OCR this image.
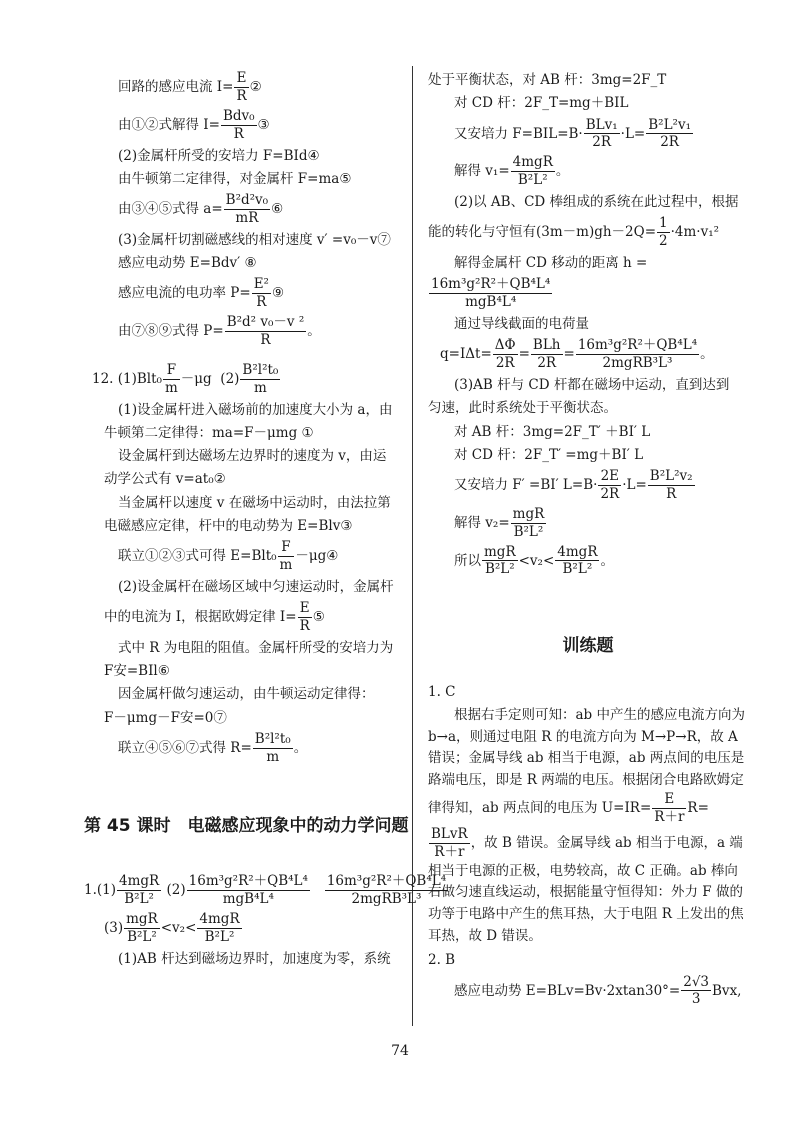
回路的感应电流 $I= \frac{E}{R}$ ②
由①②式解得 $I= \frac{\text{Bdv₀}}{R}$ ③
(2)金属杆所受的安培力 F=BId④
由牛顿第二定律得，对金属杆 F=ma⑤
由③④⑤式得 $a= \frac{\text{B²d²v₀}}{mR}$ ⑥
(3)金属杆切割磁感线的相对速度 v′ =v₀－v⑦
感应电动势 E=Bdv′ ⑧
感应电流的电功率 $P= \frac{\text{E²}}{R}$ ⑨
由⑦⑧⑨式得 $P= \frac{\text{B²d² v₀－v ²}}{R}$ 。
12. $(1)Blt_0 \frac{F}{m} -\mu g$ $(2) \frac{\text{B²l²t₀}}{m}$
(1)设金属杆进入磁场前的加速度大小为 a，由
牛顿第二定律得：ma=F－μmg ①
设金属杆到达磁场左边界时的速度为 v，由运
动学公式有 v=at₀②
当金属杆以速度 v 在磁场中运动时，由法拉第
电磁感应定律，杆中的电动势为 E=Blv③
联立①②③式可得 $E=Blt_0 \frac{F}{m}$ －μg④
(2)设金属杆在磁场区域中匀速运动时，金属杆
中的电流为 I，根据欧姆定律 $I= \frac{E}{R}$ ⑤
式中 R 为电阻的阻值。金属杆所受的安培力为
F安=BIl⑥
因金属杆做匀速运动，由牛顿运动定律得：
F－μmg－F安=0⑦
联立④⑤⑥⑦式得 $R= \frac{\text{B²l²t₀}}{m}$ 。
第 45 课时　电磁感应现象中的动力学问题
$1.(1) \frac{\text{4mgR}}{\text{B²L²}} (2) \frac{\text{16m³g²R²＋QB⁴L⁴}}{\text{mgB⁴L⁴}}$
$\frac{\text{16m³g²R²＋QB⁴L⁴}}{\text{2mgRB³L³}}$
$(3) \frac{\text{mgR}}{\text{B²L²}} <v_2< \frac{\text{4mgR}}{\text{B²L²}}$
(1)AB 杆达到磁场边界时，加速度为零，系统
处于平衡状态，对 AB 杆：3mg=2F_T
对 CD 杆：2F_T=mg＋BIL
又安培力 $F=BIL=B\cdot \frac{\text{BLv₁}}{2R} \cdot L= \frac{\text{B²L²v₁}}{2R}$
解得 $v_1= \frac{\text{4mgR}}{\text{B²L²}}$ 。
(2)以 AB、CD 棒组成的系统在此过程中，根据
能的转化与守恒有$(3m-m)gh-2Q= \frac{1}{2} \cdot 4m\cdot v_1^2$
解得金属杆 CD 移动的距离 h =
$\frac{\text{16m³g²R²＋QB⁴L⁴}}{\text{mgB⁴L⁴}}$
通过导线截面的电荷量
$q=I\Delta t= \frac{\Delta\Phi}{2R} = \frac{\text{BLh}}{2R} = \frac{\text{16m³g²R²＋QB⁴L⁴}}{\text{2mgRB³L³}}$ 。
(3)AB 杆与 CD 杆都在磁场中运动，直到达到
匀速，此时系统处于平衡状态。
对 AB 杆：3mg=2F_T′ ＋BI′ L
对 CD 杆：2F_T′ =mg＋BI′ L
又安培力 F′ =BI′ $L=B\cdot \frac{2E}{2R} \cdot L= \frac{\text{B²L²v₂}}{R}$
解得 $v_2= \frac{\text{mgR}}{\text{B²L²}}$
所以 $\frac{\text{mgR}}{\text{B²L²}} <v_2< \frac{\text{4mgR}}{\text{B²L²}}$ 。
训练题
1. C
根据右手定则可知：ab 中产生的感应电流方向为 b→a，则通过电阻 R 的电流方向为 M→P→R，故 A 错误；金属导线 ab 相当于电源，ab 两点间的电压是路端电压，即是 R 两端的电压。根据闭合电路欧姆定律得知，ab 两点间的电压为 $U=IR= \frac{E}{R+r} R=$
$\frac{\text{BLvR}}{R+r}$ ，故 B 错误。金属导线 ab 相当于电源，a 端相当于电源的正极，电势较高，故 C 正确。ab 棒向右做匀速直线运动，根据能量守恒得知：外力 F 做的功等于电路中产生的焦耳热，大于电阻 R 上发出的焦耳热，故 D 错误。
2. B
感应电动势 $E=BLv=Bv\cdot 2xtan30^\circ= \frac{2√3}{3}$ Bvx,
74
